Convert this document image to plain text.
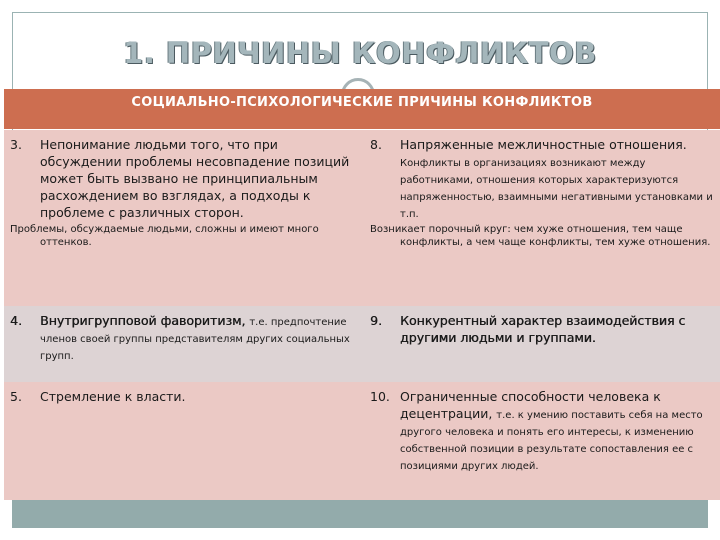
1. ПРИЧИНЫ КОНФЛИКТОВ
СОЦИАЛЬНО-ПСИХОЛОГИЧЕСКИЕ ПРИЧИНЫ КОНФЛИКТОВ
3. Непонимание людьми того, что при обсуждении проблемы несовпадение позиций может быть вызвано не принципиальным расхождением во взглядах, а подходы к проблеме с различных сторон.
Проблемы, обсуждаемые людьми, сложны и имеют много оттенков.
8. Напряженные межличностные отношения. Конфликты в организациях возникают между работниками, отношения которых характеризуются напряженностью, взаимными негативными установками и т.п.
Возникает порочный круг: чем хуже отношения, тем чаще конфликты, а чем чаще конфликты, тем хуже отношения.
4. Внутригрупповой фаворитизм, т.е. предпочтение членов своей группы представителям других социальных групп.
9. Конкурентный характер взаимодействия с другими людьми и группами.
5. Стремление к власти.	10. Ограниченные способности человека к децентрации, т.е. к умению поставить себя на место другого человека и понять его интересы, к изменению собственной позиции в результате сопоставления ее с позициями других людей.
